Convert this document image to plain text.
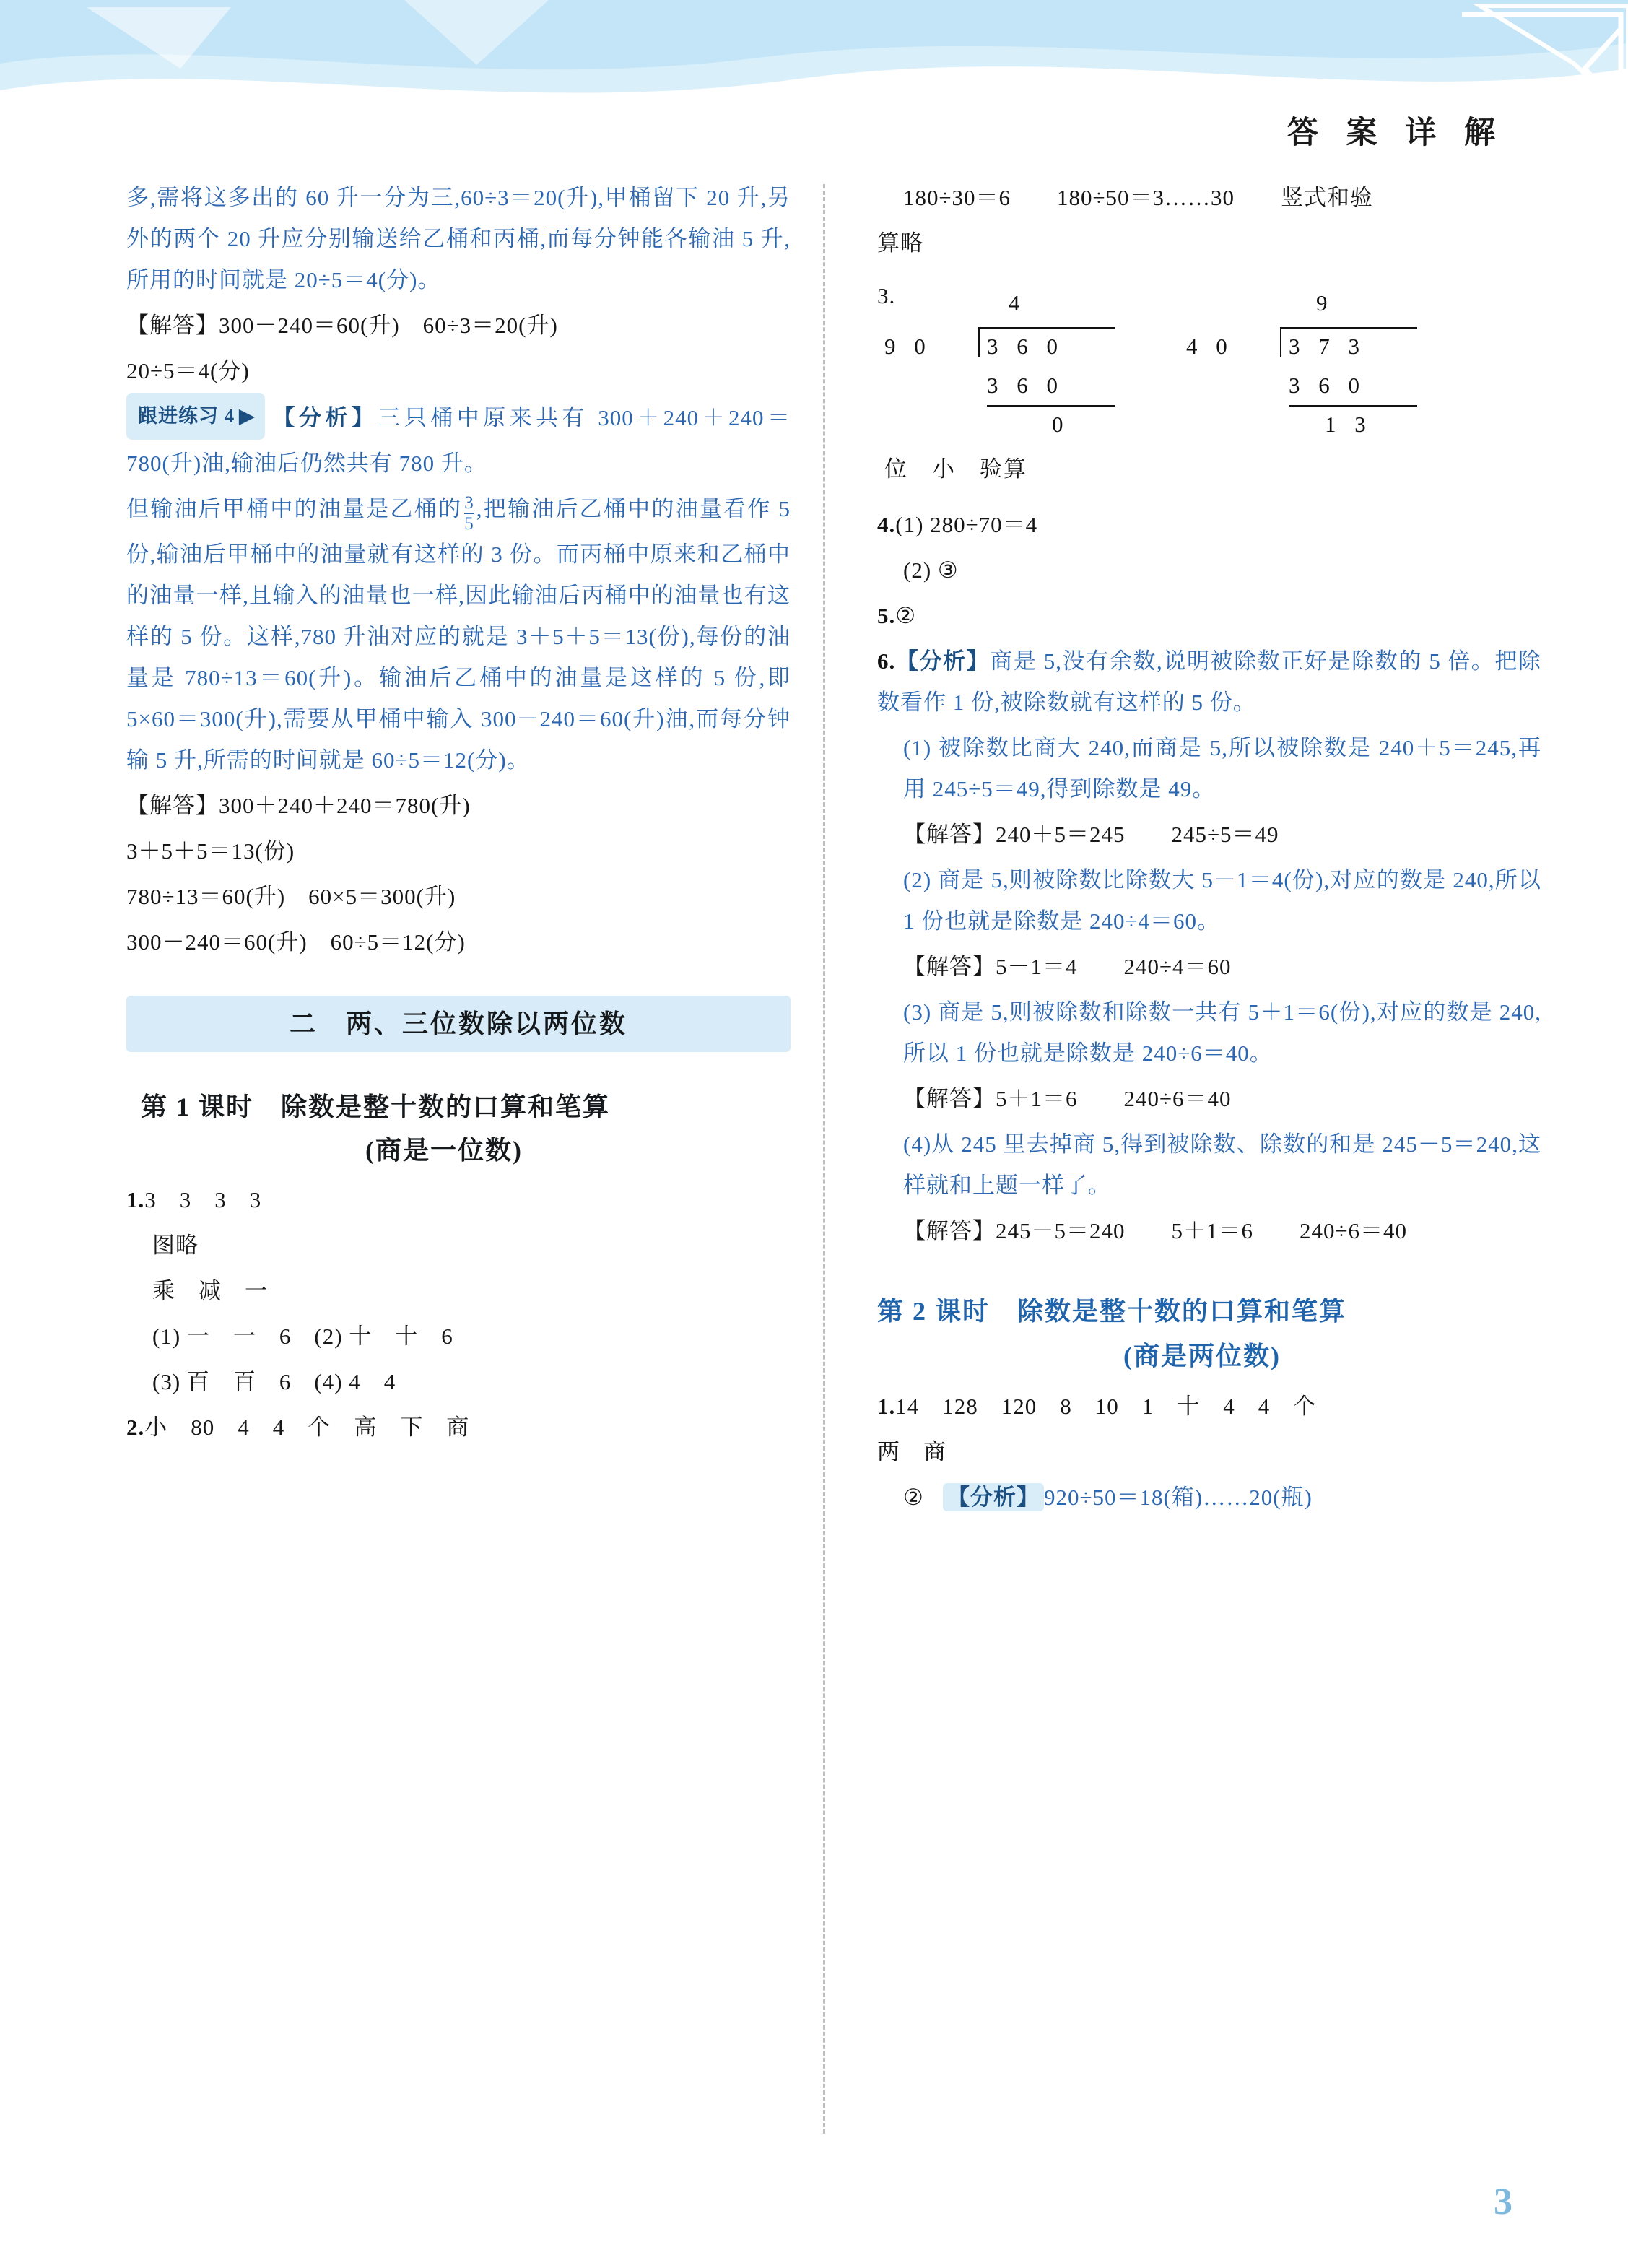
答 案 详 解

多,需将这多出的 60 升一分为三,60÷3＝20(升),甲桶留下 20 升,另外的两个 20 升应分别输送给乙桶和丙桶,而每分钟能各输油 5 升,所用的时间就是 20÷5＝4(分)。

【解答】300－240＝60(升)　60÷3＝20(升)

20÷5＝4(分)

跟进练习 4 ▶ 【分析】三只桶中原来共有 300＋240＋240＝780(升)油,输油后仍然共有 780 升。

但输油后甲桶中的油量是乙桶的 $\frac{3}{5}$ ,把输油后乙桶中的油量看作 5 份,输油后甲桶中的油量就有这样的 3 份。而丙桶中原来和乙桶中的油量一样,且输入的油量也一样,因此输油后丙桶中的油量也有这样的 5 份。这样,780 升油对应的就是 3＋5＋5＝13(份),每份的油量是 780÷13＝60(升)。输油后乙桶中的油量是这样的 5 份,即 5×60＝300(升),需要从甲桶中输入 300－240＝60(升)油,而每分钟输 5 升,所需的时间就是 60÷5＝12(分)。

【解答】300＋240＋240＝780(升)

3＋5＋5＝13(份)

780÷13＝60(升)　60×5＝300(升)

300－240＝60(升)　60÷5＝12(分)

二　两、三位数除以两位数
第 1 课时　除数是整十数的口算和笔算
(商是一位数)

1.3　3　3　3

图略

乘　减　一

(1) 一　一　6　(2) 十　十　6

(3) 百　百　6　(4) 4　4

2.小　80　4　4　个　高　下　商

180÷30＝6　　180÷50＝3……30　　竖式和验

算略

3.	4
9 0 3 6 0
3 6 0
0
9
4 0 3 7 3
3 6 0
1 3
位　小　验算

4.(1) 280÷70＝4

(2) ③

5.②

6.【分析】商是 5,没有余数,说明被除数正好是除数的 5 倍。把除数看作 1 份,被除数就有这样的 5 份。

(1) 被除数比商大 240,而商是 5,所以被除数是 240＋5＝245,再用 245÷5＝49,得到除数是 49。

【解答】240＋5＝245　　245÷5＝49

(2) 商是 5,则被除数比除数大 5－1＝4(份),对应的数是 240,所以 1 份也就是除数是 240÷4＝60。

【解答】5－1＝4　　240÷4＝60

(3) 商是 5,则被除数和除数一共有 5＋1＝6(份),对应的数是 240,所以 1 份也就是除数是 240÷6＝40。

【解答】5＋1＝6　　240÷6＝40

(4)从 245 里去掉商 5,得到被除数、除数的和是 245－5＝240,这样就和上题一样了。

【解答】245－5＝240　　5＋1＝6　　240÷6＝40

第 2 课时　除数是整十数的口算和笔算
(商是两位数)

1.14　128　120　8　10　1　十　4　4　个

两　商

② 【分析】 920÷50＝18(箱)……20(瓶)

3
